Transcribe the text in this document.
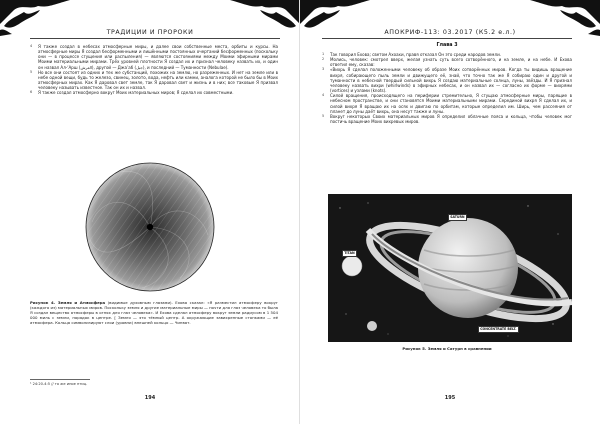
ТРАДИЦИИ И ПРОРОКИ

4 Я также создал в небесах атмосферные миры, и далее свои собственные места, орбиты и курсы. На атмосферные миры Я создал бесформенными и лишёнными постоянных очертаний бесформенных (поскольку они — в процессе сгущения или распыления) — являются состояниями между Моими эфирными мирами Моими материальными мирами. Трёх уровней плотности Я создал их и признал человеку назвать их, и один он назвал Ал-‘Арш (ﺍﻟﻌﺮﺵ), другой — Джа’аб (ﺟﺒﻞ), и последний — Туманности (Nebulae).

5 Но все они состоят из одних и тех же субстанций, похожих на землю, но разреженных. И нет на земле или в небе одной вещи, будь то железо, свинец, золото, вода, нефть или камни, аналога которой не было бы в Моих атмосферных мирах. Как Я даровал свет земле, так Я даровал свет и жизнь и в них; все таковые Я призвал человеку называть известное. Так он их и назвал.

6 Я также создал атмосферно вокруг Моих материальных миров; Я сделал их совместными.

Рисунок 4. Земля и Атмосфера (видимые духовным глазами). Ехова сказал: «Я разместил атмосферу вокруг (каждого из) материальных миров. Поскольку земля и другие материальные миры — почти для глаз человека то была Я создал вещество атмосферы в огнях для глаз человека». И Ехова сделал атмосферу вокруг земли радиусом в 1 504 000 миль с земли, порядок в центре. [ Земля — это тёмный центр. А окружающие завихренные стопками — её атмосфера. Кольца символизируют слои (уровни) внешней кольцо — Чинват.
¹ 24:20-4:5 // то же иное птиц.
194
АПОКРИФ-113: 03.2017 (К5.2 е.л.)
Глава 3

1 Так говорил Ехова; светом Ахоахи, правя отказал Он это среди народов земли.

2 Молись, человек: смотрел вверх, желая узнать суть всего сотворённого, и на земле, и на небе. И Ехова ответил ему, сказав:

3 «Вихрь Я сделал положенными человеку об образе Моих сотворённых миров. Когда ты видишь вращение вихря, собирающего пыль земли и движущего её, знай, что точно так же Я собираю один и другой и туманности в небесной твердый сильной вихрь Я создаю материальные солнца, луны, звёзды. И Я признал человеку назвать вихри (whirlwinds) в эфирных небесах, и он назвал их — согласно их форме — вихрями (vortices) и узлами (knots).

4 Силой вращения, происходящего на периферии стремительно, Я сгущаю атмосферные миры, парящие в небесном пространстве, и они становятся Моими материальными мирами. Серединой вихря Я сделал их, и силой вихря Я вращаю их на осях и двигаю по орбитам, которые определил им. Ширь, чем рассеяния от планет до луны даёт вихрь, она несут также и луны.

5 Вокруг некоторых Своих материальных миров Я определил облачные пояса и кольца, чтобы человек мог постичь вращение Моих вихревых миров.

SATURN
TITAN
CONCENTRATE BELT.
Рисунок 5. Земля и Сатурн в сравнении
195
